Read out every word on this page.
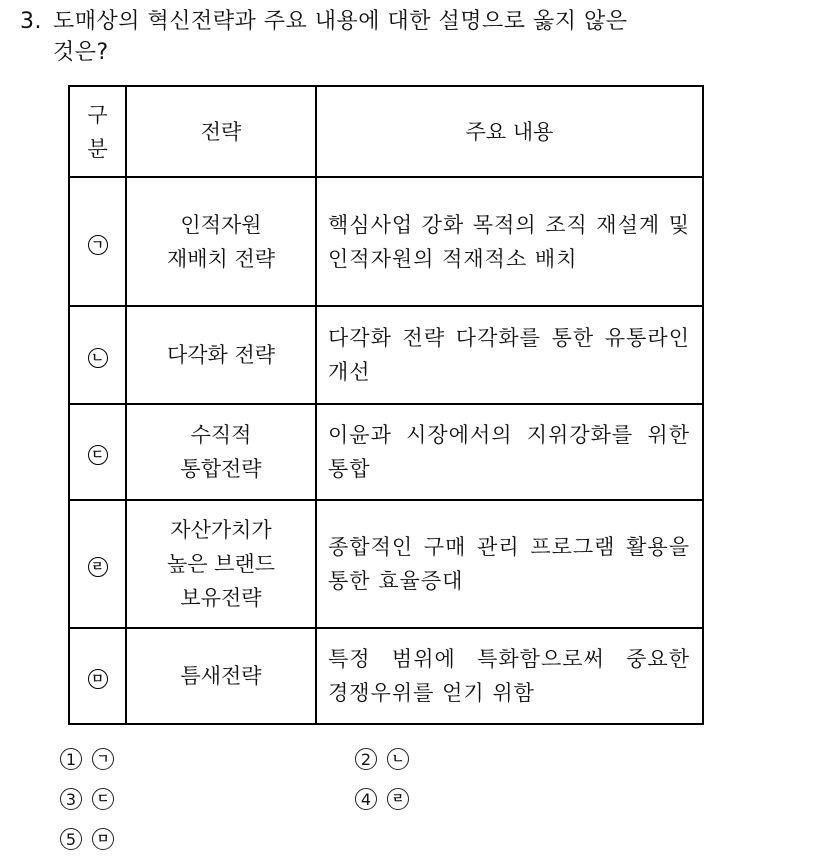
3. 도매상의 혁신전략과 주요 내용에 대한 설명으로 옳지 않은
것은?
구
분	전략	주요 내용
ㄱ	인적자원
재배치 전략	핵심사업 강화 목적의 조직 재설계 및 인적자원의 적재적소 배치
ㄴ	다각화 전략	다각화 전략 다각화를 통한 유통라인 개선
ㄷ	수직적
통합전략	이윤과 시장에서의 지위강화를 위한 통합
ㄹ	자산가치가
높은 브랜드
보유전략	종합적인 구매 관리 프로그램 활용을 통한 효율증대
ㅁ	틈새전략	특정 범위에 특화함으로써 중요한 경쟁우위를 얻기 위함
1	ㄱ	2	ㄴ
3	ㄷ	4	ㄹ
5	ㅁ
